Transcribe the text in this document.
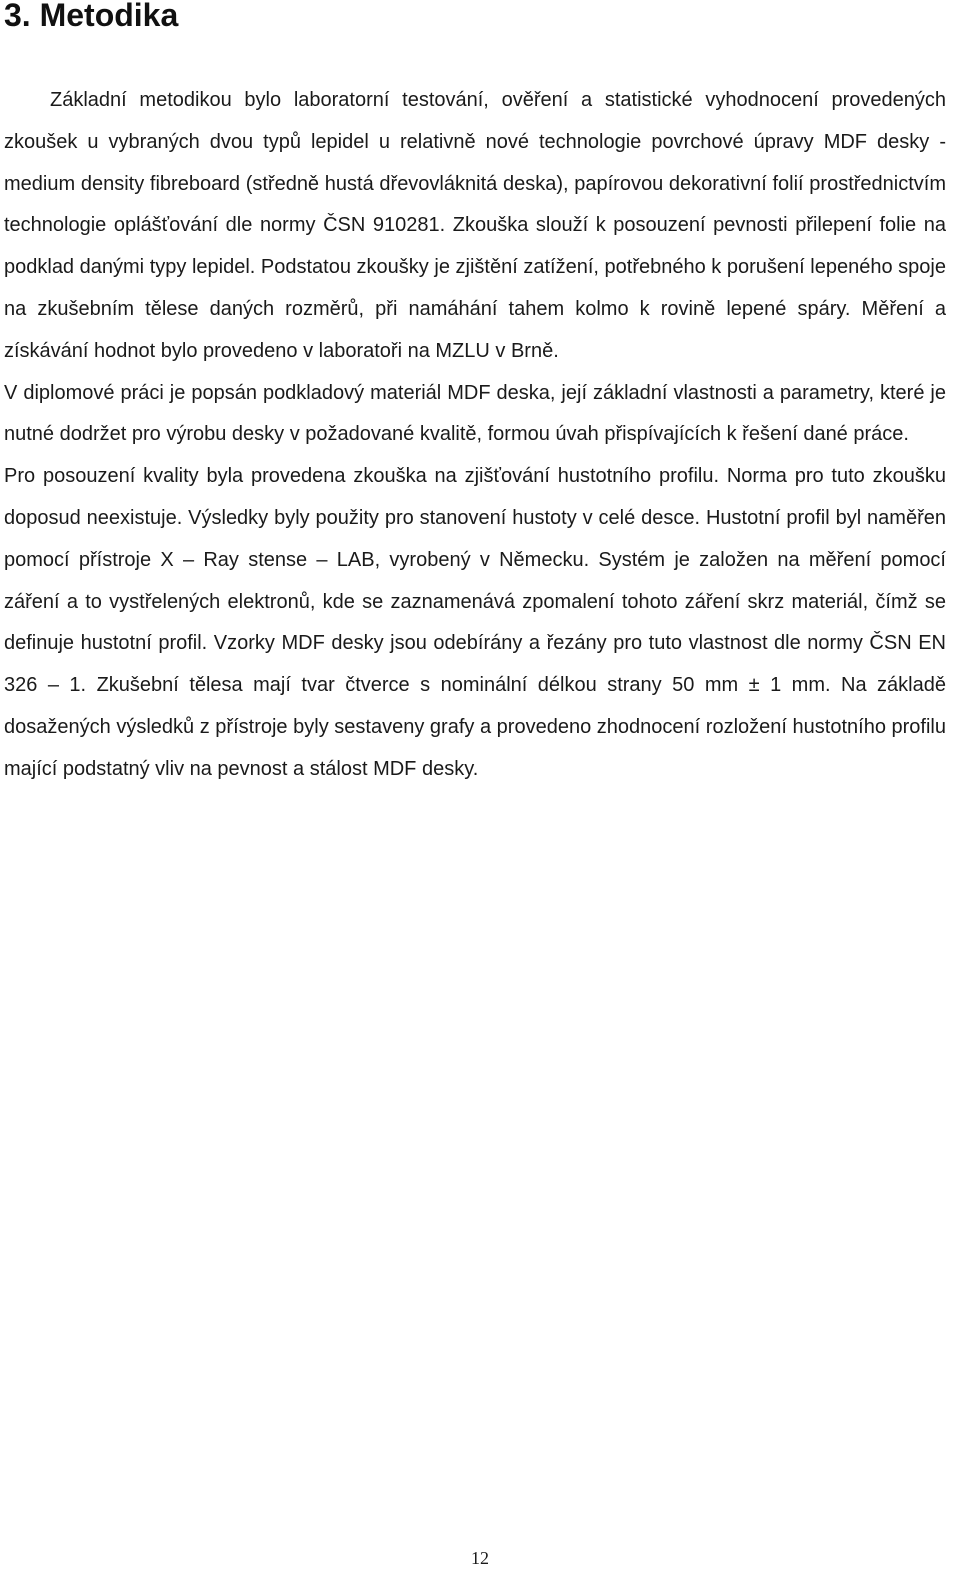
3. Metodika

Základní metodikou bylo laboratorní testování, ověření a statistické vyhodnocení provedených zkoušek u vybraných dvou typů lepidel u relativně nové technologie povrchové úpravy MDF desky - medium density fibreboard (středně hustá dřevovláknitá deska), papírovou dekorativní folií prostřednictvím technologie oplášťování dle normy ČSN 910281. Zkouška slouží k posouzení pevnosti přilepení folie na podklad danými typy lepidel. Podstatou zkoušky je zjištění zatížení, potřebného k porušení lepeného spoje na zkušebním tělese daných rozměrů, při namáhání tahem kolmo k rovině lepené spáry. Měření a získávání hodnot bylo provedeno v laboratoři na MZLU v Brně.

V diplomové práci je popsán podkladový materiál MDF deska, její základní vlastnosti a parametry, které je nutné dodržet pro výrobu desky v požadované kvalitě, formou úvah přispívajících k řešení dané práce.

Pro posouzení kvality byla provedena zkouška na zjišťování hustotního profilu. Norma pro tuto zkoušku doposud neexistuje. Výsledky byly použity pro stanovení hustoty v celé desce. Hustotní profil byl naměřen pomocí přístroje X – Ray stense – LAB, vyrobený v Německu. Systém je založen na měření pomocí záření a to vystřelených elektronů, kde se zaznamenává zpomalení tohoto záření skrz materiál, čímž se definuje hustotní profil. Vzorky MDF desky jsou odebírány a řezány pro tuto vlastnost dle normy ČSN EN 326 – 1. Zkušební tělesa mají tvar čtverce s nominální délkou strany 50 mm ± 1 mm. Na základě dosažených výsledků z přístroje byly sestaveny grafy a provedeno zhodnocení rozložení hustotního profilu mající podstatný vliv na pevnost a stálost MDF desky.

12
